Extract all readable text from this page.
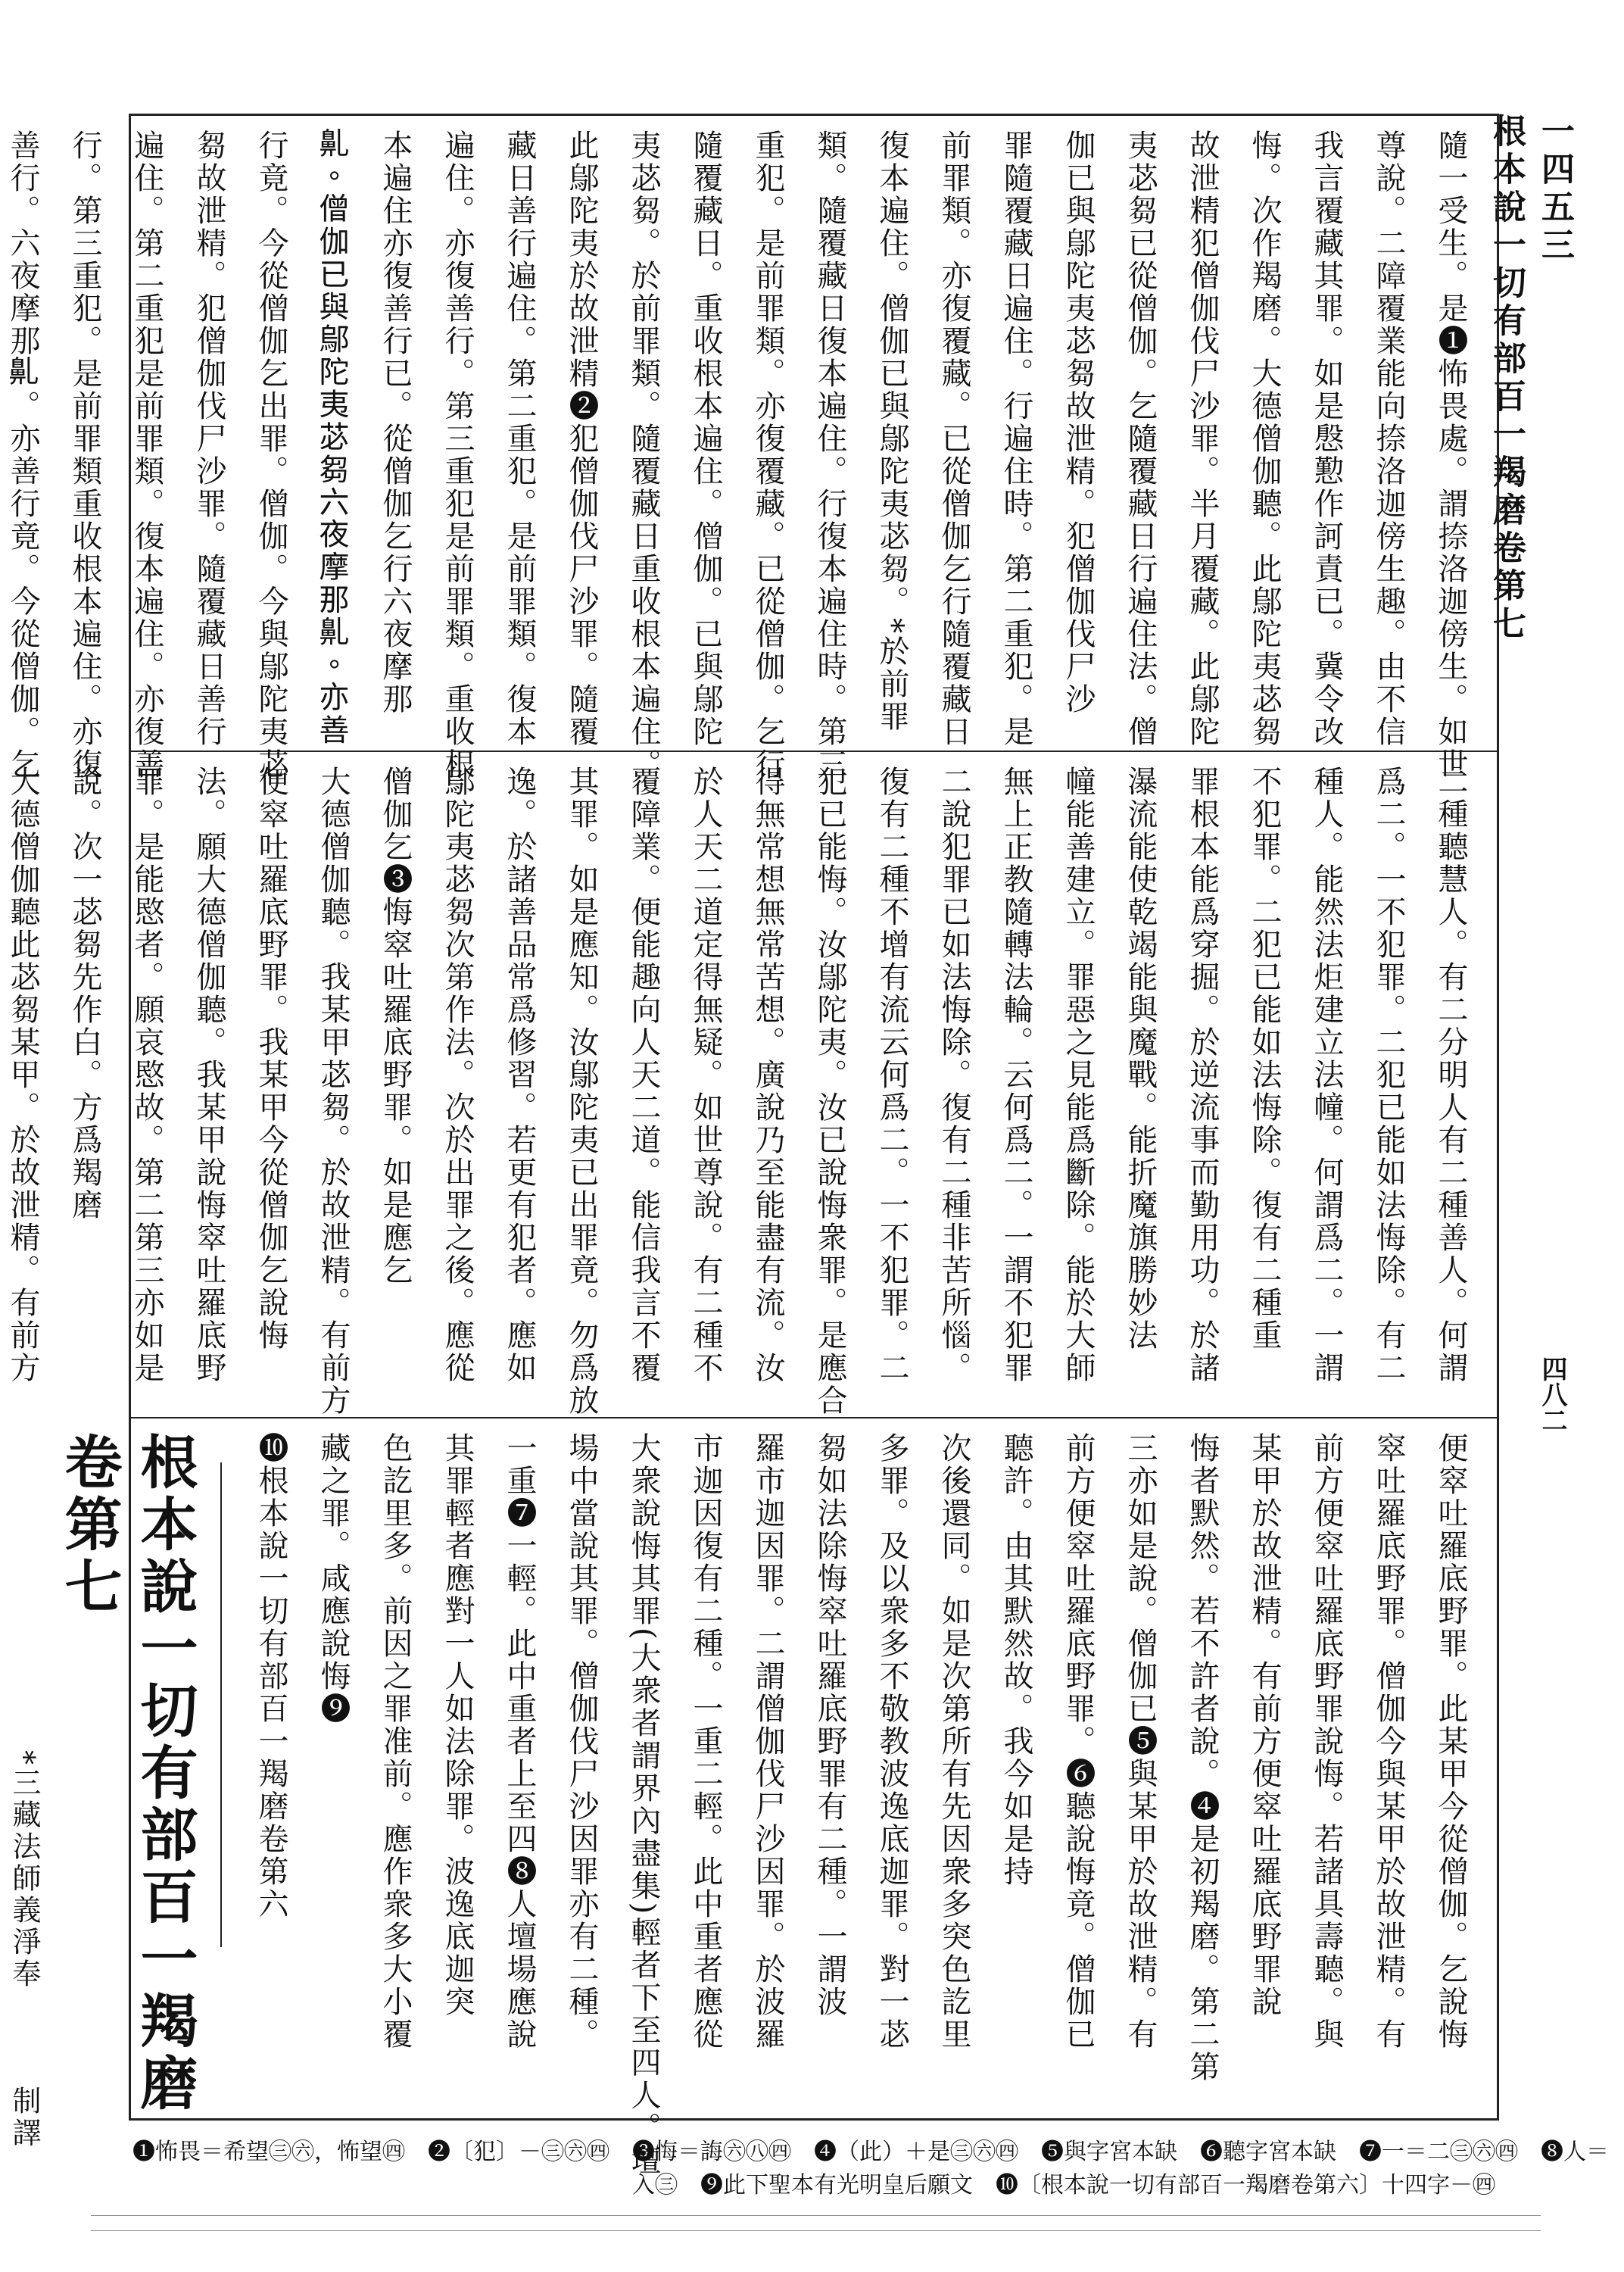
一四五三
根本說一切有部百一羯磨卷第七
四八二
隨一受生。是❶怖畏處。謂捺洛迦傍生。如世
尊說。二障覆業能向捺洛迦傍生趣。由不信
我言覆藏其罪。如是慇懃作訶責已。冀令改
悔。次作羯磨。大德僧伽聽。此鄔陀夷苾芻
故泄精犯僧伽伐尸沙罪。半月覆藏。此鄔陀
夷苾芻已從僧伽。乞隨覆藏日行遍住法。僧
伽已與鄔陀夷苾芻故泄精。犯僧伽伐尸沙
罪隨覆藏日遍住。行遍住時。第二重犯。是
前罪類。亦復覆藏。已從僧伽乞行隨覆藏日
復本遍住。僧伽已與鄔陀夷苾芻。*於前罪
類。隨覆藏日復本遍住。行復本遍住時。第三
重犯。是前罪類。亦復覆藏。已從僧伽。乞行
隨覆藏日。重收根本遍住。僧伽。已與鄔陀
夷苾芻。於前罪類。隨覆藏日重收根本遍住。
此鄔陀夷於故泄精❷犯僧伽伐尸沙罪。隨覆
藏日善行遍住。第二重犯。是前罪類。復本
遍住。亦復善行。第三重犯是前罪類。重收根
本遍住亦復善行已。從僧伽乞行六夜摩那
𪖐。僧伽已與鄔陀夷苾芻六夜摩那𪖐。亦善
行竟。今從僧伽乞出罪。僧伽。今與鄔陀夷苾
芻故泄精。犯僧伽伐尸沙罪。隨覆藏日善行
遍住。第二重犯是前罪類。復本遍住。亦復善
行。第三重犯。是前罪類重收根本遍住。亦復
善行。六夜摩那𪖐。亦善行竟。今從僧伽。乞
二種聽慧人。有二分明人有二種善人。何謂
爲二。一不犯罪。二犯已能如法悔除。有二
種人。能然法炬建立法幢。何謂爲二。一謂
不犯罪。二犯已能如法悔除。復有二種重
罪根本能爲穿掘。於逆流事而勤用功。於諸
瀑流能使乾竭能與魔戰。能折魔旗勝妙法
幢能善建立。罪惡之見能爲斷除。能於大師
無上正教隨轉法輪。云何爲二。一謂不犯罪
二說犯罪已如法悔除。復有二種非苦所惱。
復有二種不增有流云何爲二。一不犯罪。二
犯已能悔。汝鄔陀夷。汝已說悔衆罪。是應合
得無常想無常苦想。廣說乃至能盡有流。汝
於人天二道定得無疑。如世尊說。有二種不
覆障業。便能趣向人天二道。能信我言不覆
其罪。如是應知。汝鄔陀夷已出罪竟。勿爲放
逸。於諸善品常爲修習。若更有犯者。應如
鄔陀夷苾芻次第作法。次於出罪之後。應從
僧伽乞❸悔窣吐羅底野罪。如是應乞
大德僧伽聽。我某甲苾芻。於故泄精。有前方
便窣吐羅底野罪。我某甲今從僧伽乞說悔
法。願大德僧伽聽。我某甲說悔窣吐羅底野
罪。是能愍者。願哀愍故。第二第三亦如是
說。次一苾芻先作白。方爲羯磨
大德僧伽聽此苾芻某甲。於故泄精。有前方
便窣吐羅底野罪。此某甲今從僧伽。乞說悔
窣吐羅底野罪。僧伽今與某甲於故泄精。有
前方便窣吐羅底野罪說悔。若諸具壽聽。與
某甲於故泄精。有前方便窣吐羅底野罪說
悔者默然。若不許者說。❹是初羯磨。第二第
三亦如是說。僧伽已❺與某甲於故泄精。有
前方便窣吐羅底野罪。❻聽說悔竟。僧伽已
聽許。由其默然故。我今如是持
次後還同。如是次第所有先因衆多突色訖里
多罪。及以衆多不敬教波逸底迦罪。對一苾
芻如法除悔窣吐羅底野罪有二種。一謂波
羅市迦因罪。二謂僧伽伐尸沙因罪。於波羅
市迦因復有二種。一重二輕。此中重者應從
大衆說悔其罪(大衆者謂界內盡集)輕者下至四人。壇
場中當說其罪。僧伽伐尸沙因罪亦有二種。
一重❼一輕。此中重者上至四❽人壇場應說
其罪輕者應對一人如法除罪。波逸底迦突
色訖里多。前因之罪准前。應作衆多大小覆
藏之罪。咸應說悔❾
❿根本說一切有部百一羯磨卷第六
根本說一切有部百一羯磨
卷第七
*三藏法師義淨奉　　　制譯
❶怖畏＝希望㊂㊅，怖望㊃　❷〔犯〕－㊂㊅㊃　❸悔＝誨㊅㊇㊃　❹（此）＋是㊂㊅㊃　❺與字宮本缺　❻聽字宮本缺　❼一＝二㊂㊅㊃　❽人＝
入㊂　❾此下聖本有光明皇后願文　❿〔根本說一切有部百一羯磨卷第六〕十四字－㊃
